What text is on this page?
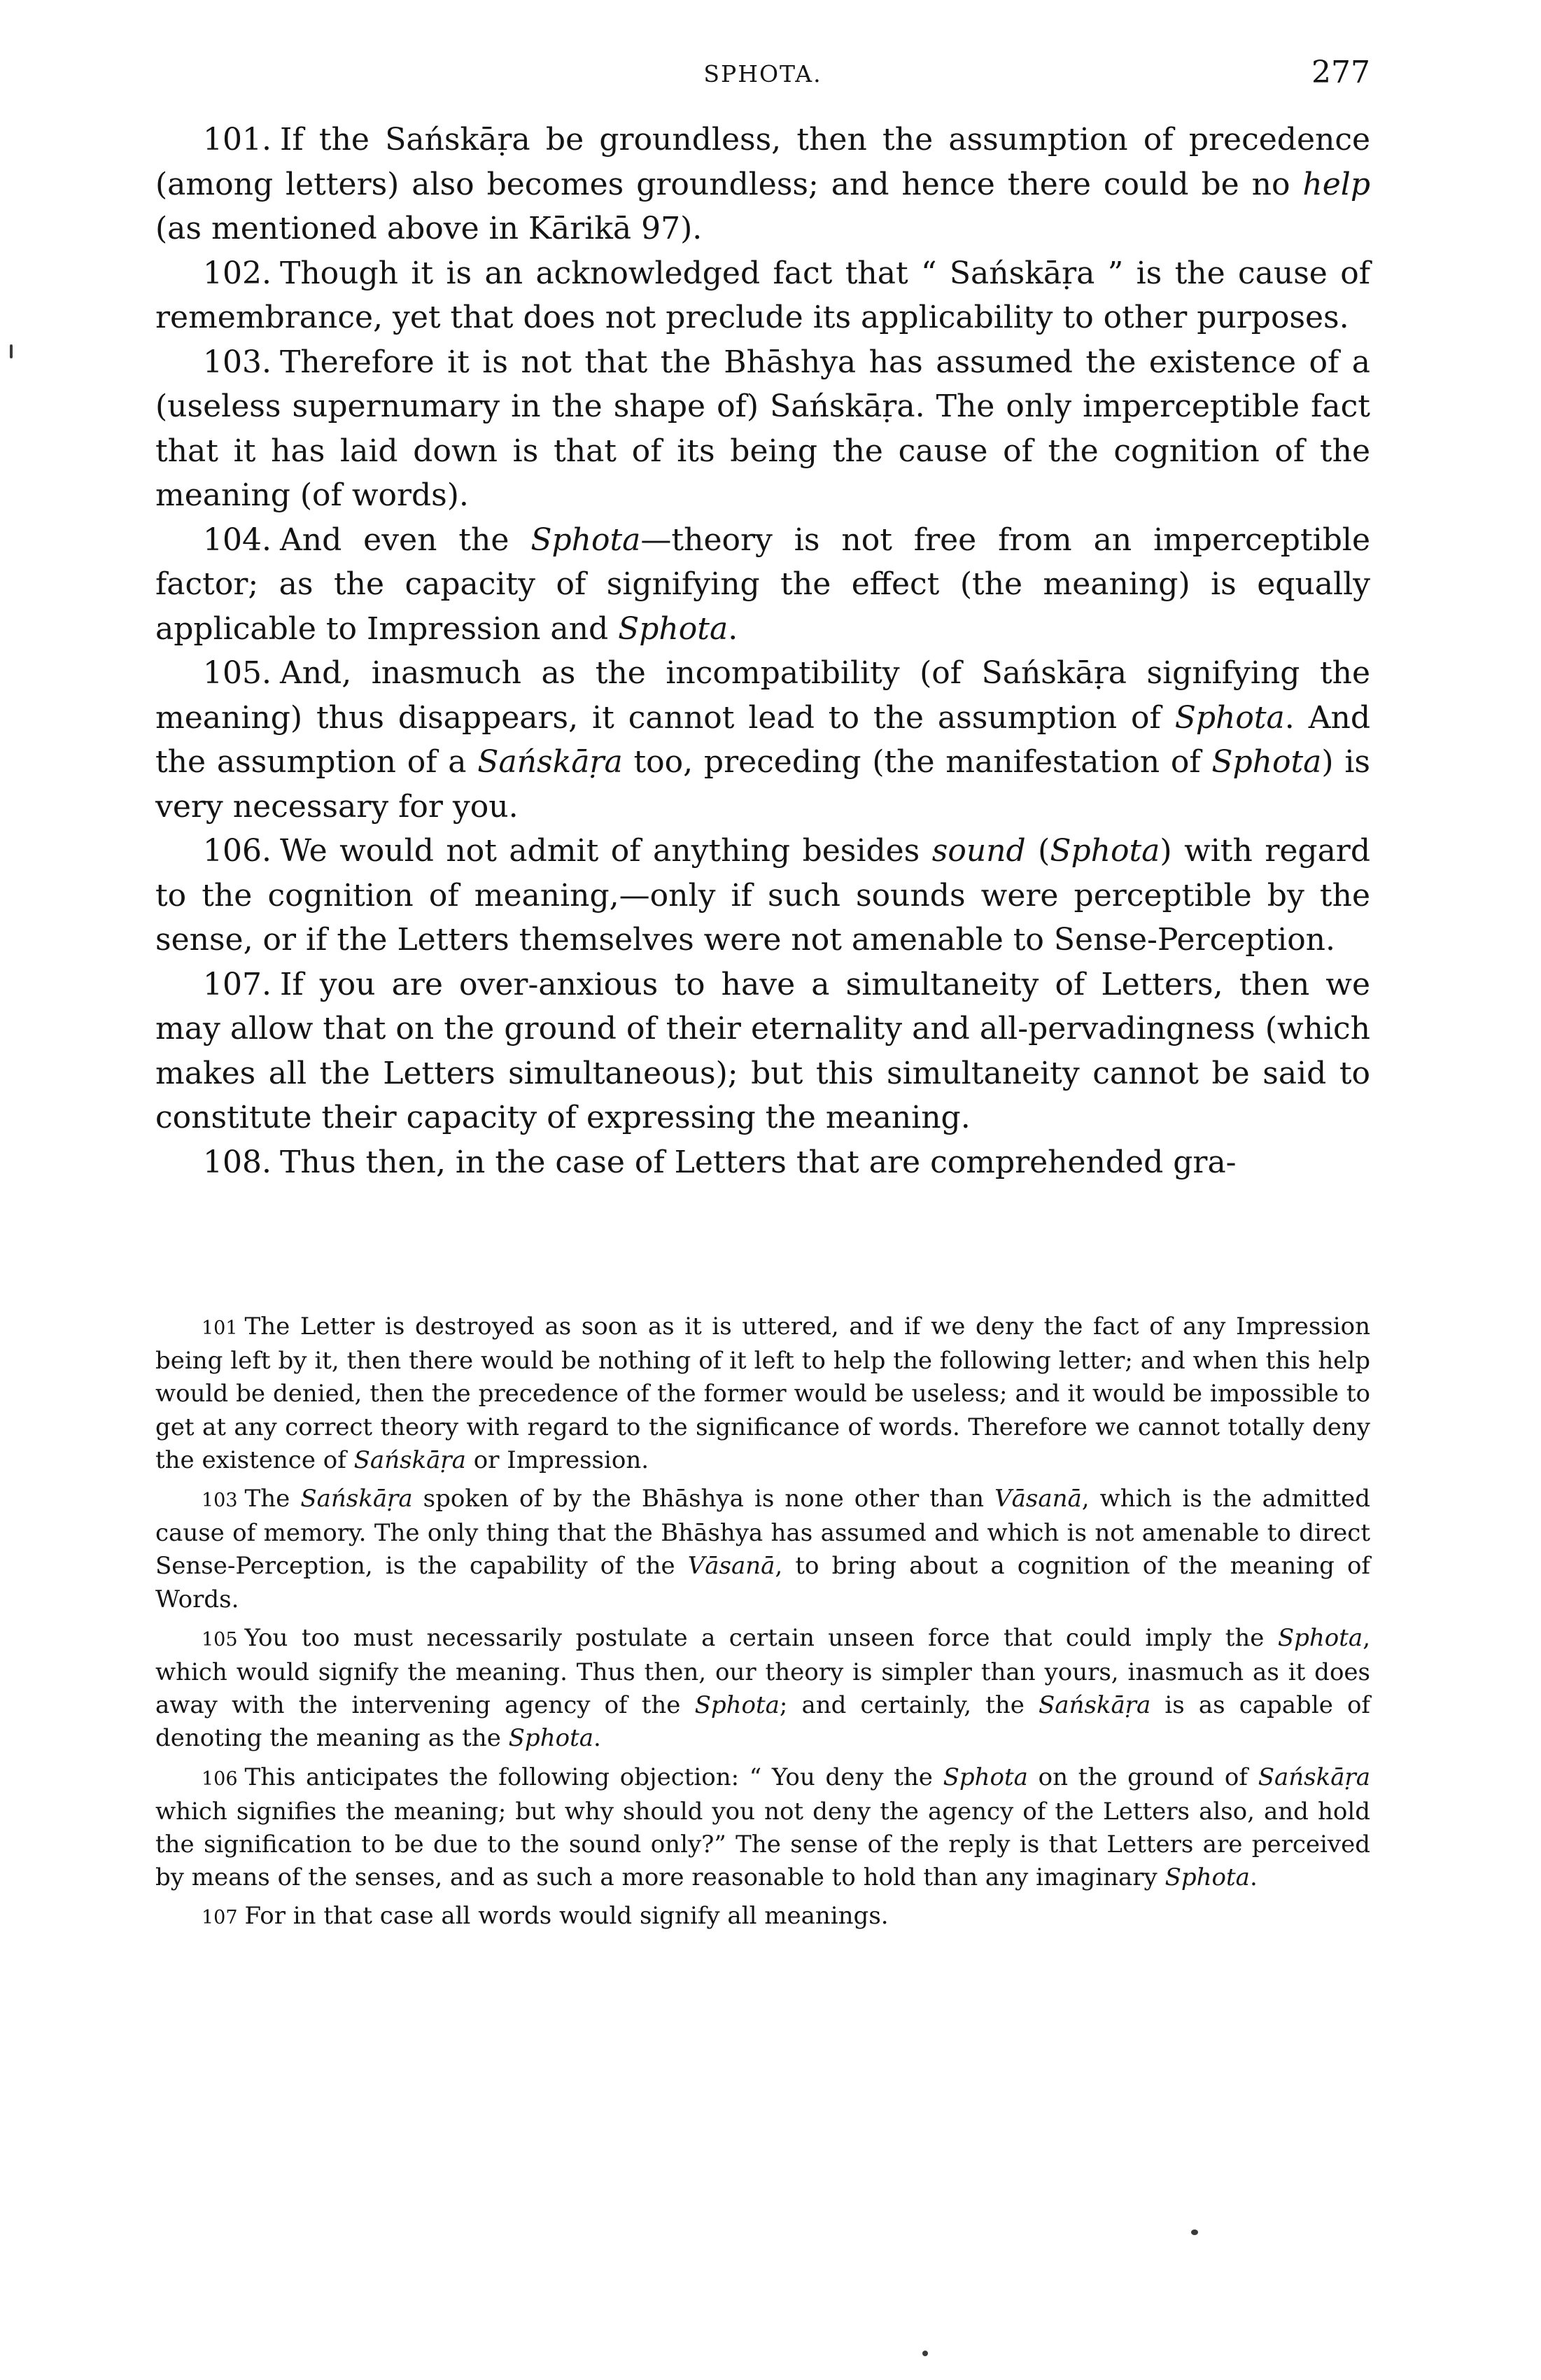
SPHOTA.	277

101. If the Sańskāṛa be groundless, then the assumption of precedence (among letters) also becomes groundless; and hence there could be no help (as mentioned above in Kārikā 97).

102. Though it is an acknowledged fact that “ Sańskāṛa ” is the cause of remembrance, yet that does not preclude its applicability to other purposes.

103. Therefore it is not that the Bhāshya has assumed the existence of a (useless supernumary in the shape of) Sańskāṛa. The only imperceptible fact that it has laid down is that of its being the cause of the cognition of the meaning (of words).

104. And even the Sphota—theory is not free from an imperceptible factor; as the capacity of signifying the effect (the meaning) is equally applicable to Impression and Sphota.

105. And, inasmuch as the incompatibility (of Sańskāṛa signifying the meaning) thus disappears, it cannot lead to the assumption of Sphota. And the assumption of a Sańskāṛa too, preceding (the manifestation of Sphota) is very necessary for you.

106. We would not admit of anything besides sound (Sphota) with regard to the cognition of meaning,—only if such sounds were perceptible by the sense, or if the Letters themselves were not amenable to Sense-Perception.

107. If you are over-anxious to have a simultaneity of Letters, then we may allow that on the ground of their eternality and all-pervadingness (which makes all the Letters simultaneous); but this simultaneity cannot be said to constitute their capacity of expressing the meaning.

108. Thus then, in the case of Letters that are comprehended gra-

101 The Letter is destroyed as soon as it is uttered, and if we deny the fact of any Impression being left by it, then there would be nothing of it left to help the following letter; and when this help would be denied, then the precedence of the former would be useless; and it would be impossible to get at any correct theory with regard to the significance of words. Therefore we cannot totally deny the existence of Sańskāṛa or Impression.

103 The Sańskāṛa spoken of by the Bhāshya is none other than Vāsanā, which is the admitted cause of memory. The only thing that the Bhāshya has assumed and which is not amenable to direct Sense-Perception, is the capability of the Vāsanā, to bring about a cognition of the meaning of Words.

105 You too must necessarily postulate a certain unseen force that could imply the Sphota, which would signify the meaning. Thus then, our theory is simpler than yours, inasmuch as it does away with the intervening agency of the Sphota; and certainly, the Sańskāṛa is as capable of denoting the meaning as the Sphota.

106 This anticipates the following objection: “ You deny the Sphota on the ground of Sańskāṛa which signifies the meaning; but why should you not deny the agency of the Letters also, and hold the signification to be due to the sound only?” The sense of the reply is that Letters are perceived by means of the senses, and as such a more reasonable to hold than any imaginary Sphota.

107 For in that case all words would signify all meanings.
